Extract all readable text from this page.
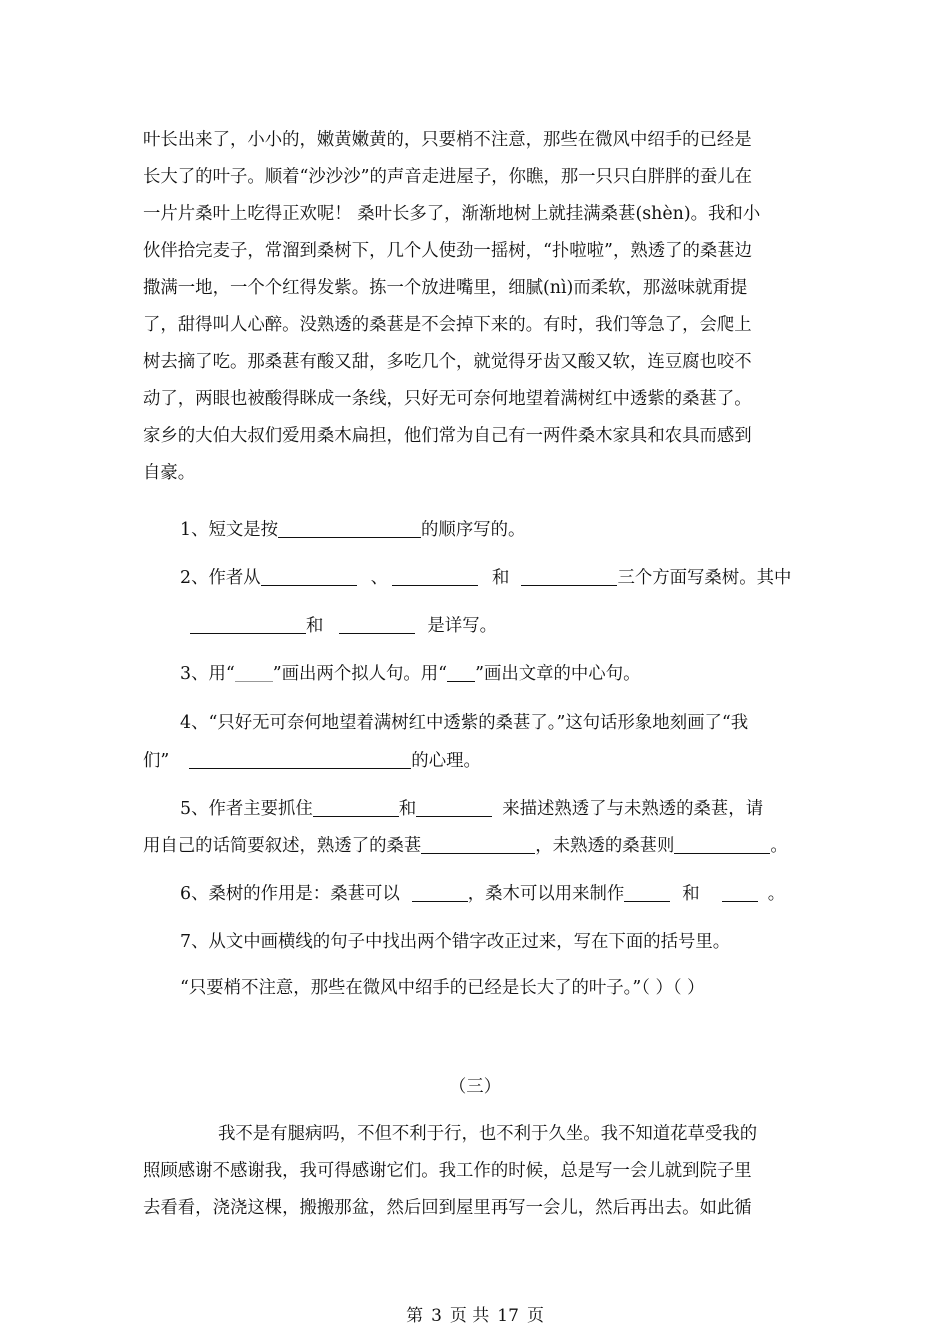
叶长出来了，小小的，嫩黄嫩黄的，只要梢不注意，那些在微风中绍手的已经是
长大了的叶子。顺着“沙沙沙”的声音走进屋子，你瞧，那一只只白胖胖的蚕儿在
一片片桑叶上吃得正欢呢！ 桑叶长多了，渐渐地树上就挂满桑葚(shèn)。我和小
伙伴拾完麦子，常溜到桑树下，几个人使劲一摇树，“扑啦啦”，熟透了的桑葚边
撒满一地，一个个红得发紫。拣一个放进嘴里，细腻(nì)而柔软，那滋味就甭提
了，甜得叫人心醉。没熟透的桑葚是不会掉下来的。有时，我们等急了，会爬上
树去摘了吃。那桑葚有酸又甜，多吃几个，就觉得牙齿又酸又软，连豆腐也咬不
动了，两眼也被酸得眯成一条线，只好无可奈何地望着满树红中透紫的桑葚了。
家乡的大伯大叔们爱用桑木扁担，他们常为自己有一两件桑木家具和农具而感到
自豪。
1、短文是按	的顺序写的。
2、作者从	、	和	三个方面写桑树。其中
和	是详写。
3、用“ ”画出两个拟人句。用“ ”画出文章的中心句。
4、“只好无可奈何地望着满树红中透紫的桑葚了。”这句话形象地刻画了“我
们”	的心理。
5、作者主要抓住	和	来描述熟透了与未熟透的桑葚，请
用自己的话简要叙述，熟透了的桑葚	，未熟透的桑葚则	。
6、桑树的作用是：桑葚可以	，桑木可以用来制作	和	。
7、从文中画横线的句子中找出两个错字改正过来，写在下面的括号里。
“只要梢不注意，那些在微风中绍手的已经是长大了的叶子。”（ ）（ ）
（三）
我不是有腿病吗，不但不利于行，也不利于久坐。我不知道花草受我的
照顾感谢不感谢我，我可得感谢它们。我工作的时候，总是写一会儿就到院子里
去看看，浇浇这棵，搬搬那盆，然后回到屋里再写一会儿，然后再出去。如此循
第 3 页 共 17 页
